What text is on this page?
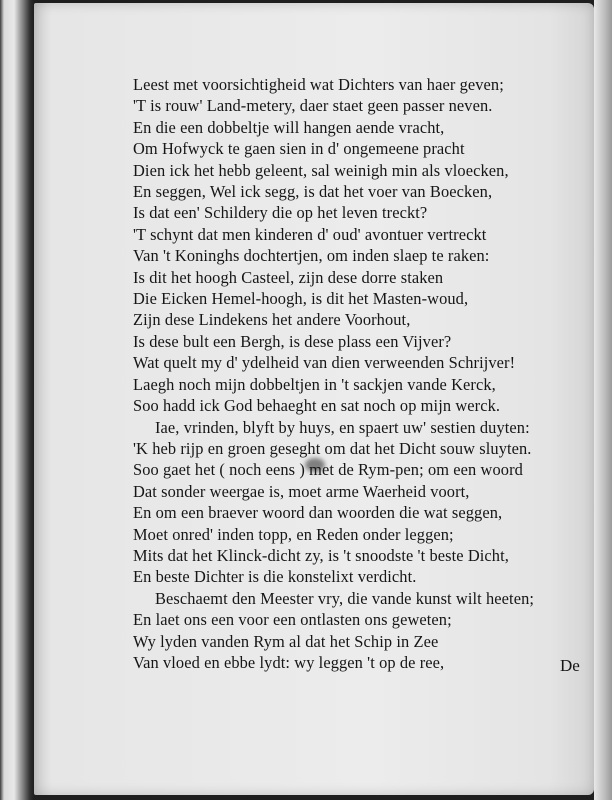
Leest met voorsichtigheid wat Dichters van haer geven;
'T is rouw' Land-metery, daer staet geen passer neven.
En die een dobbeltje will hangen aende vracht,
Om Hofwyck te gaen sien in d' ongemeene pracht
Dien ick het hebb geleent, sal weinigh min als vloecken,
En seggen, Wel ick segg, is dat het voer van Boecken,
Is dat een' Schildery die op het leven treckt?
'T schynt dat men kinderen d' oud' avontuer vertreckt
Van 't Koninghs dochtertjen, om inden slaep te raken:
Is dit het hoogh Casteel, zijn dese dorre staken
Die Eicken Hemel-hoogh, is dit het Masten-woud,
Zijn dese Lindekens het andere Voorhout,
Is dese bult een Bergh, is dese plass een Vijver?
Wat quelt my d' ydelheid van dien verweenden Schrijver!
Laegh noch mijn dobbeltjen in 't sackjen vande Kerck,
Soo hadd ick God behaeght en sat noch op mijn werck.
Iae, vrinden, blyft by huys, en spaert uw' sestien duyten:
'K heb rijp en groen geseght om dat het Dicht souw sluyten.
Soo gaet het ( noch eens ) met de Rym-pen; om een woord
Dat sonder weergae is, moet arme Waerheid voort,
En om een braever woord dan woorden die wat seggen,
Moet onred' inden topp, en Reden onder leggen;
Mits dat het Klinck-dicht zy, is 't snoodste 't beste Dicht,
En beste Dichter is die konstelixt verdicht.
Beschaemt den Meester vry, die vande kunst wilt heeten;
En laet ons een voor een ontlasten ons geweten;
Wy lyden vanden Rym al dat het Schip in Zee
Van vloed en ebbe lydt: wy leggen 't op de ree,	De
